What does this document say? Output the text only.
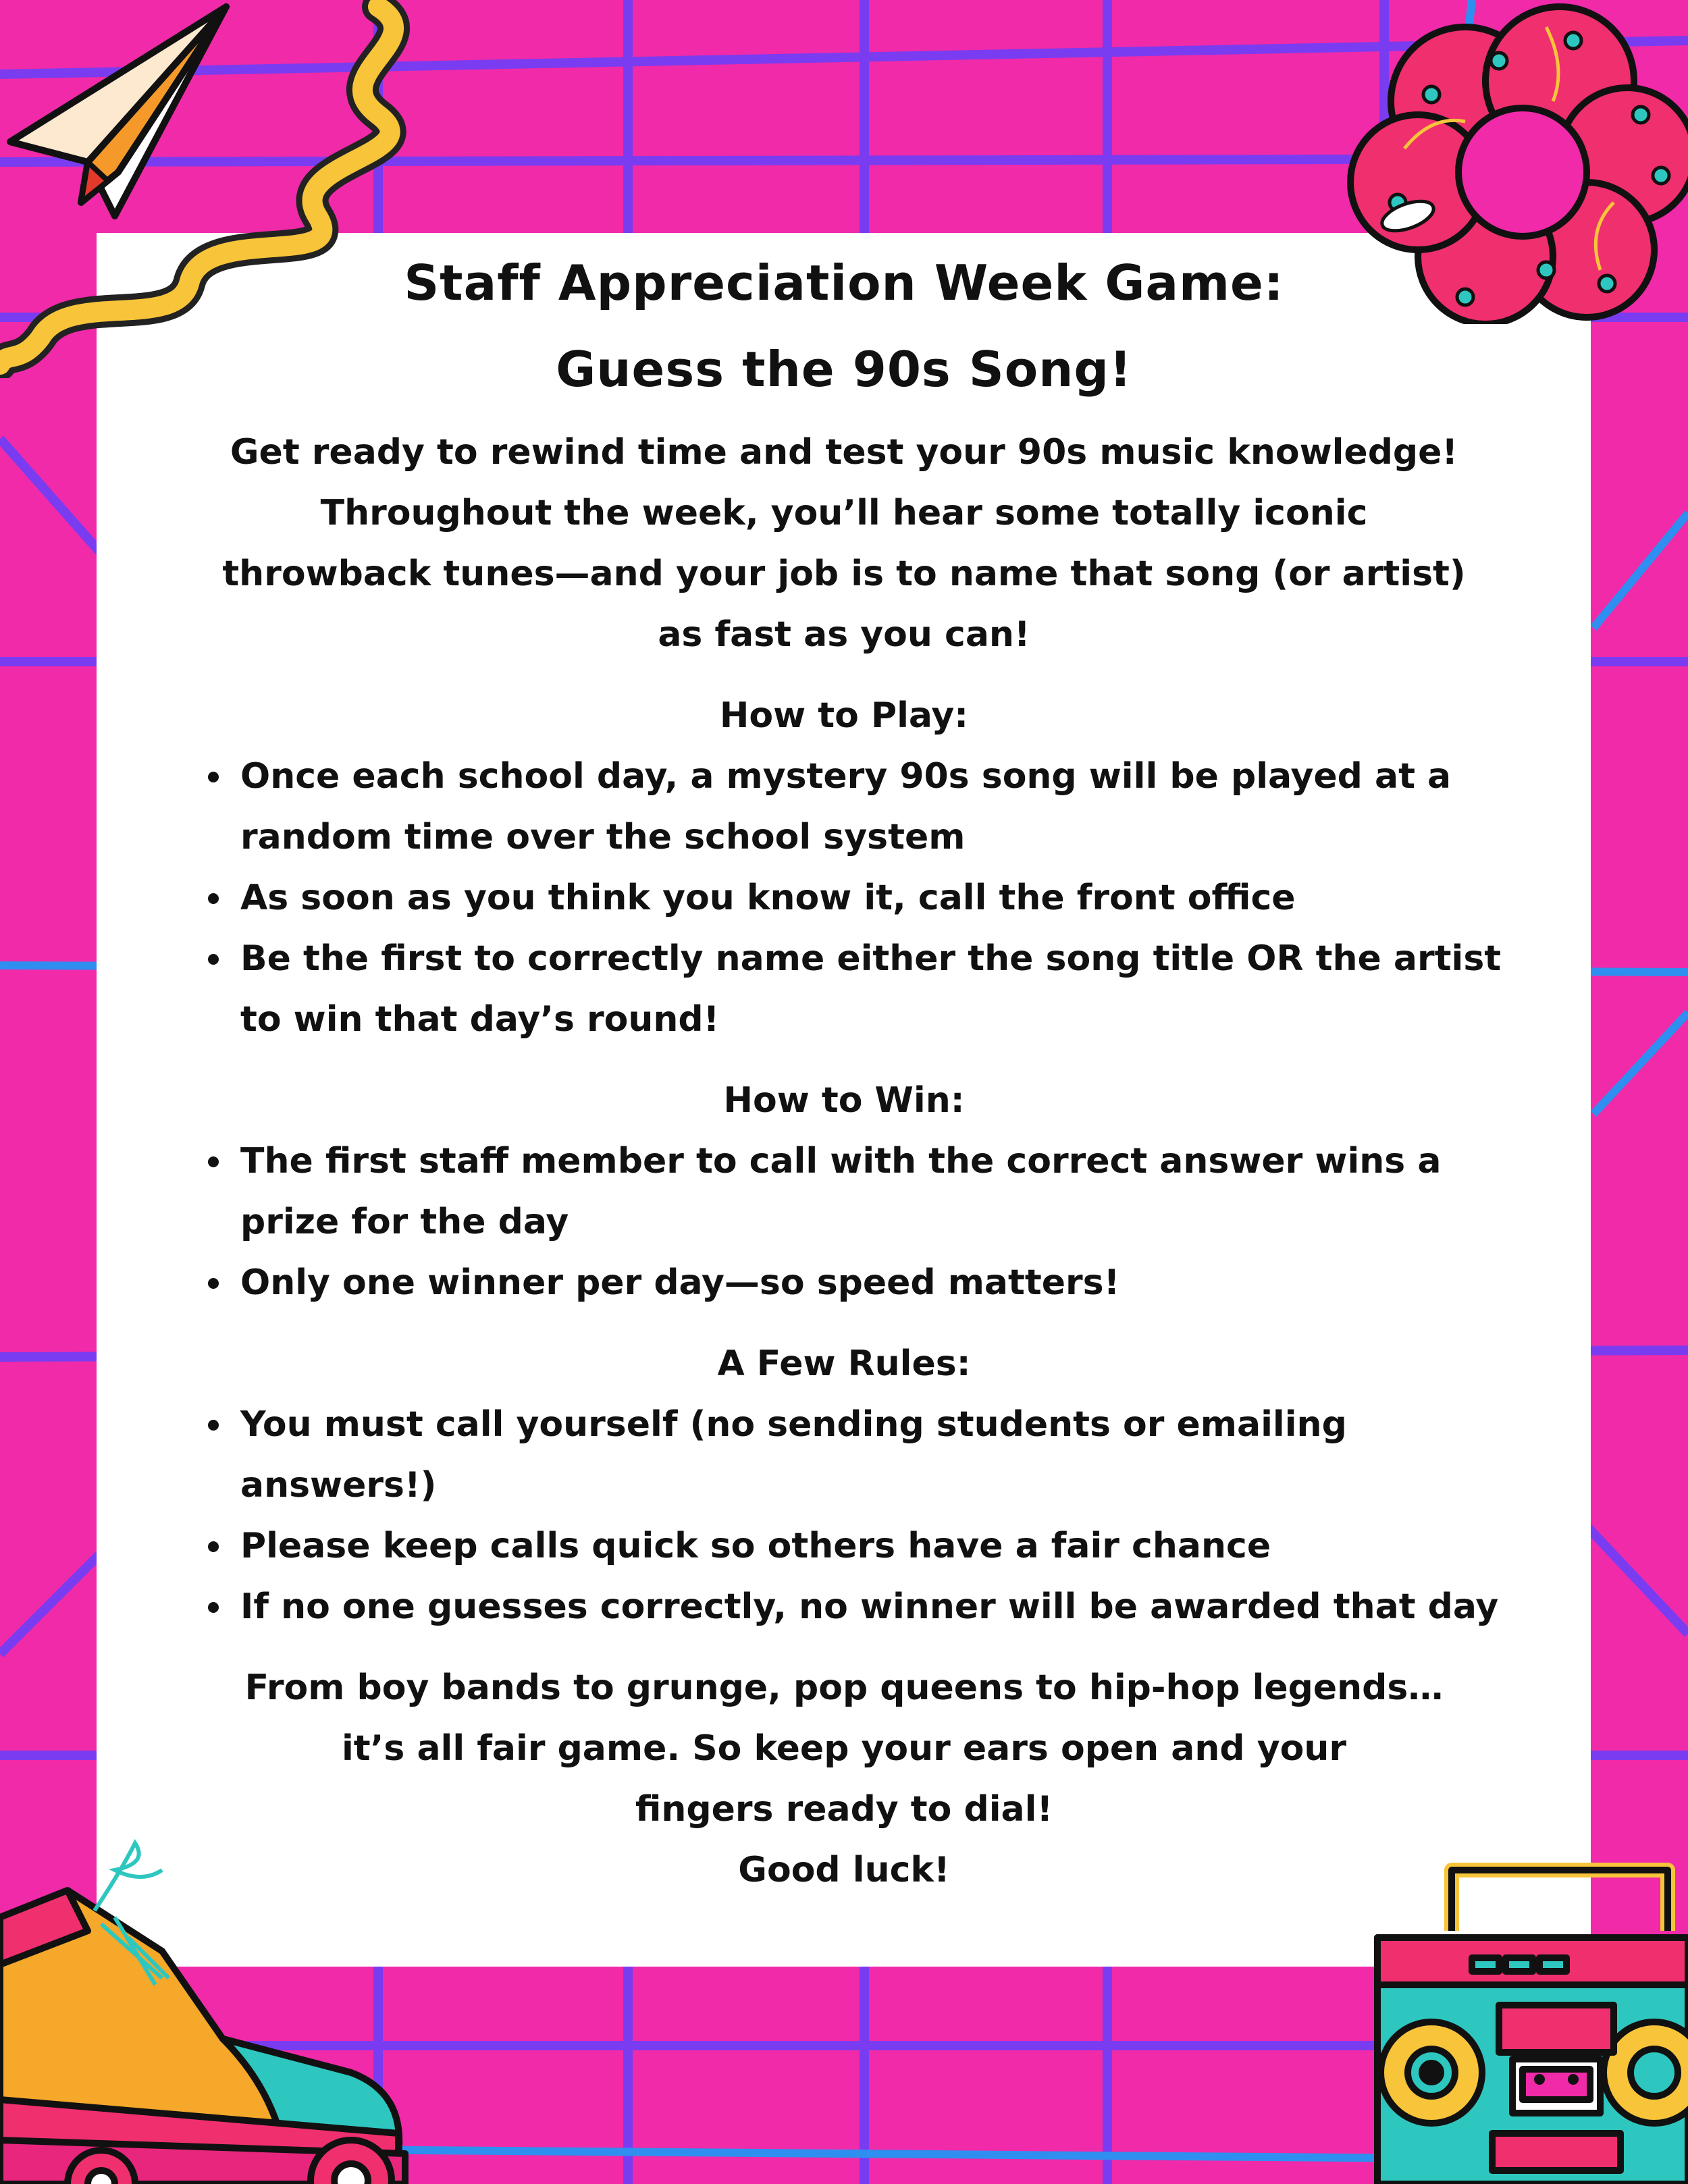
Staff Appreciation Week Game:
Guess the 90s Song!

Get ready to rewind time and test your 90s music knowledge!

Throughout the week, you’ll hear some totally iconic

throwback tunes—and your job is to name that song (or artist)

as fast as you can!

How to Play:
Once each school day, a mystery 90s song will be played at a random time over the school system
As soon as you think you know it, call the front office
Be the first to correctly name either the song title OR the artist to win that day’s round!
How to Win:
The first staff member to call with the correct answer wins a prize for the day
Only one winner per day—so speed matters!
A Few Rules:
You must call yourself (no sending students or emailing answers!)
Please keep calls quick so others have a fair chance
If no one guesses correctly, no winner will be awarded that day

From boy bands to grunge, pop queens to hip-hop legends…

it’s all fair game. So keep your ears open and your

fingers ready to dial!

Good luck!
